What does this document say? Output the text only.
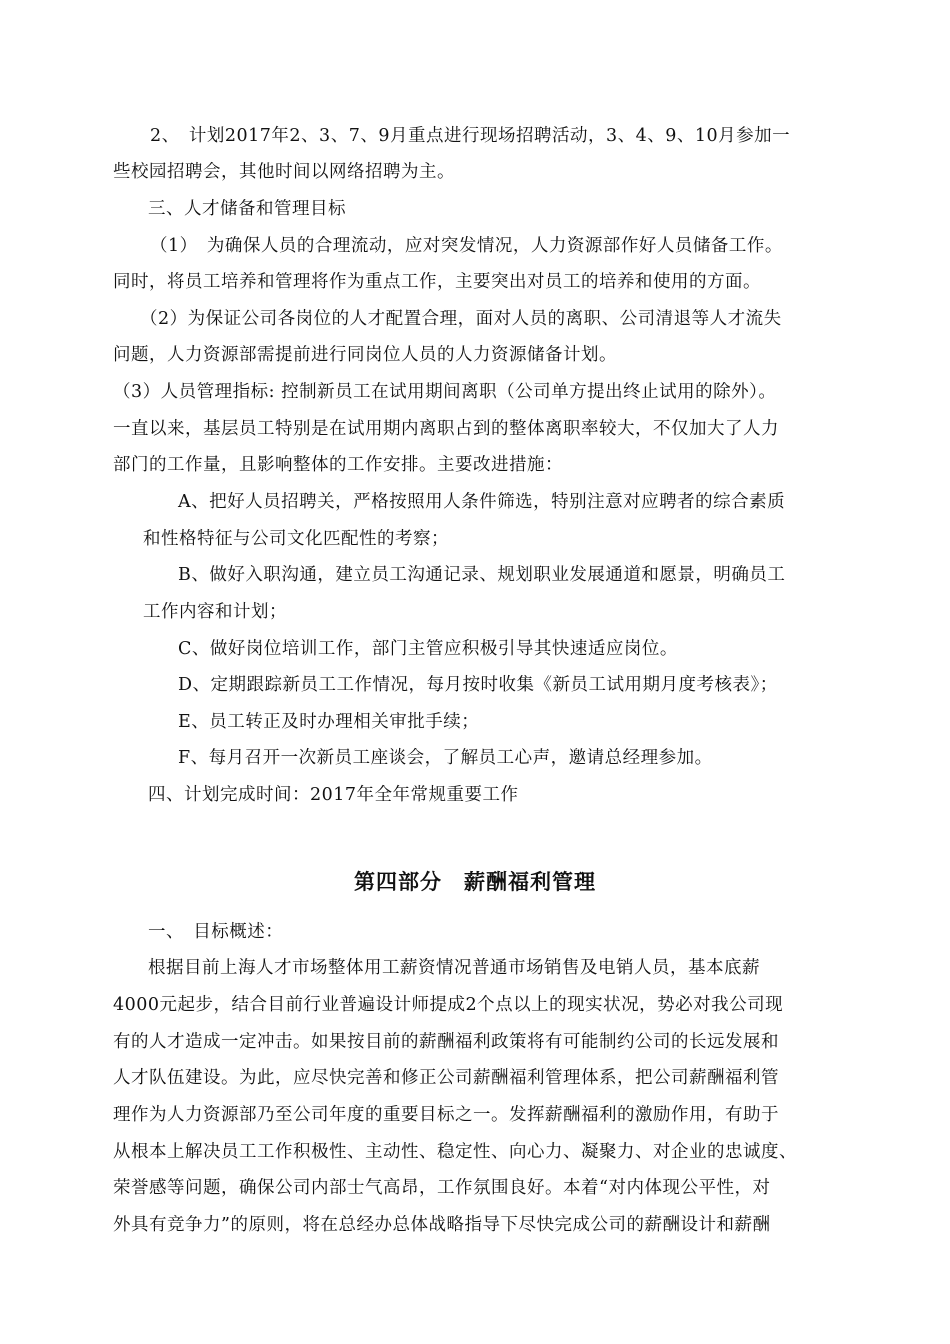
2、　计划2017年2、3、7、9月重点进行现场招聘活动，3、4、9、10月参加一
些校园招聘会，其他时间以网络招聘为主。
三、人才储备和管理目标
（1）　为确保人员的合理流动，应对突发情况，人力资源部作好人员储备工作。
同时，将员工培养和管理将作为重点工作，主要突出对员工的培养和使用的方面。
（2）为保证公司各岗位的人才配置合理，面对人员的离职、公司清退等人才流失
问题，人力资源部需提前进行同岗位人员的人力资源储备计划。
（3）人员管理指标: 控制新员工在试用期间离职（公司单方提出终止试用的除外）。
一直以来，基层员工特别是在试用期内离职占到的整体离职率较大，不仅加大了人力
部门的工作量，且影响整体的工作安排。主要改进措施：
A、把好人员招聘关，严格按照用人条件筛选，特别注意对应聘者的综合素质
和性格特征与公司文化匹配性的考察；
B、做好入职沟通，建立员工沟通记录、规划职业发展通道和愿景，明确员工
工作内容和计划；
C、做好岗位培训工作，部门主管应积极引导其快速适应岗位。
D、定期跟踪新员工工作情况，每月按时收集《新员工试用期月度考核表》；
E、员工转正及时办理相关审批手续；
F、每月召开一次新员工座谈会，了解员工心声，邀请总经理参加。
四、计划完成时间：2017年全年常规重要工作
第四部分　薪酬福利管理
一、　目标概述：
根据目前上海人才市场整体用工薪资情况普通市场销售及电销人员，基本底薪
4000元起步，结合目前行业普遍设计师提成2个点以上的现实状况，势必对我公司现
有的人才造成一定冲击。如果按目前的薪酬福利政策将有可能制约公司的长远发展和
人才队伍建设。为此，应尽快完善和修正公司薪酬福利管理体系，把公司薪酬福利管
理作为人力资源部乃至公司年度的重要目标之一。发挥薪酬福利的激励作用，有助于
从根本上解决员工工作积极性、主动性、稳定性、向心力、凝聚力、对企业的忠诚度、
荣誉感等问题，确保公司内部士气高昂，工作氛围良好。本着“对内体现公平性，对
外具有竞争力”的原则，将在总经办总体战略指导下尽快完成公司的薪酬设计和薪酬
